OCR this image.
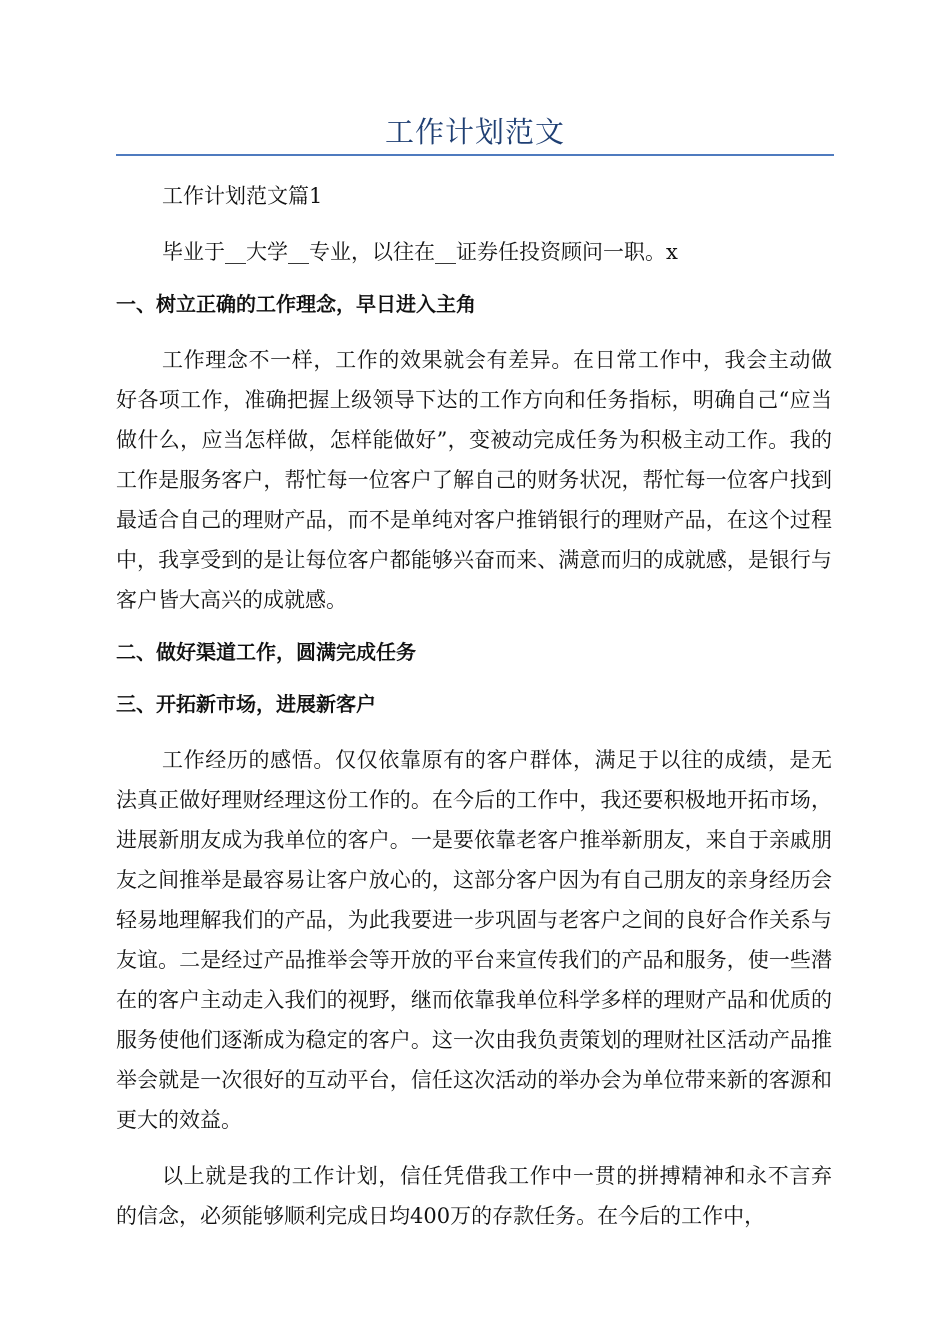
工作计划范文

工作计划范文篇1

毕业于__大学__专业，以往在__证券任投资顾问一职。x

一、树立正确的工作理念，早日进入主角

工作理念不一样，工作的效果就会有差异。在日常工作中，我会主动做好各项工作，准确把握上级领导下达的工作方向和任务指标，明确自己“应当做什么，应当怎样做，怎样能做好”，变被动完成任务为积极主动工作。我的工作是服务客户，帮忙每一位客户了解自己的财务状况，帮忙每一位客户找到最适合自己的理财产品，而不是单纯对客户推销银行的理财产品，在这个过程中，我享受到的是让每位客户都能够兴奋而来、满意而归的成就感，是银行与客户皆大高兴的成就感。

二、做好渠道工作，圆满完成任务
三、开拓新市场，进展新客户

工作经历的感悟。仅仅依靠原有的客户群体，满足于以往的成绩，是无法真正做好理财经理这份工作的。在今后的工作中，我还要积极地开拓市场，进展新朋友成为我单位的客户。一是要依靠老客户推举新朋友，来自于亲戚朋友之间推举是最容易让客户放心的，这部分客户因为有自己朋友的亲身经历会轻易地理解我们的产品，为此我要进一步巩固与老客户之间的良好合作关系与友谊。二是经过产品推举会等开放的平台来宣传我们的产品和服务，使一些潜在的客户主动走入我们的视野，继而依靠我单位科学多样的理财产品和优质的服务使他们逐渐成为稳定的客户。这一次由我负责策划的理财社区活动产品推举会就是一次很好的互动平台，信任这次活动的举办会为单位带来新的客源和更大的效益。

以上就是我的工作计划，信任凭借我工作中一贯的拼搏精神和永不言弃的信念，必须能够顺利完成日均400万的存款任务。在今后的工作中，
